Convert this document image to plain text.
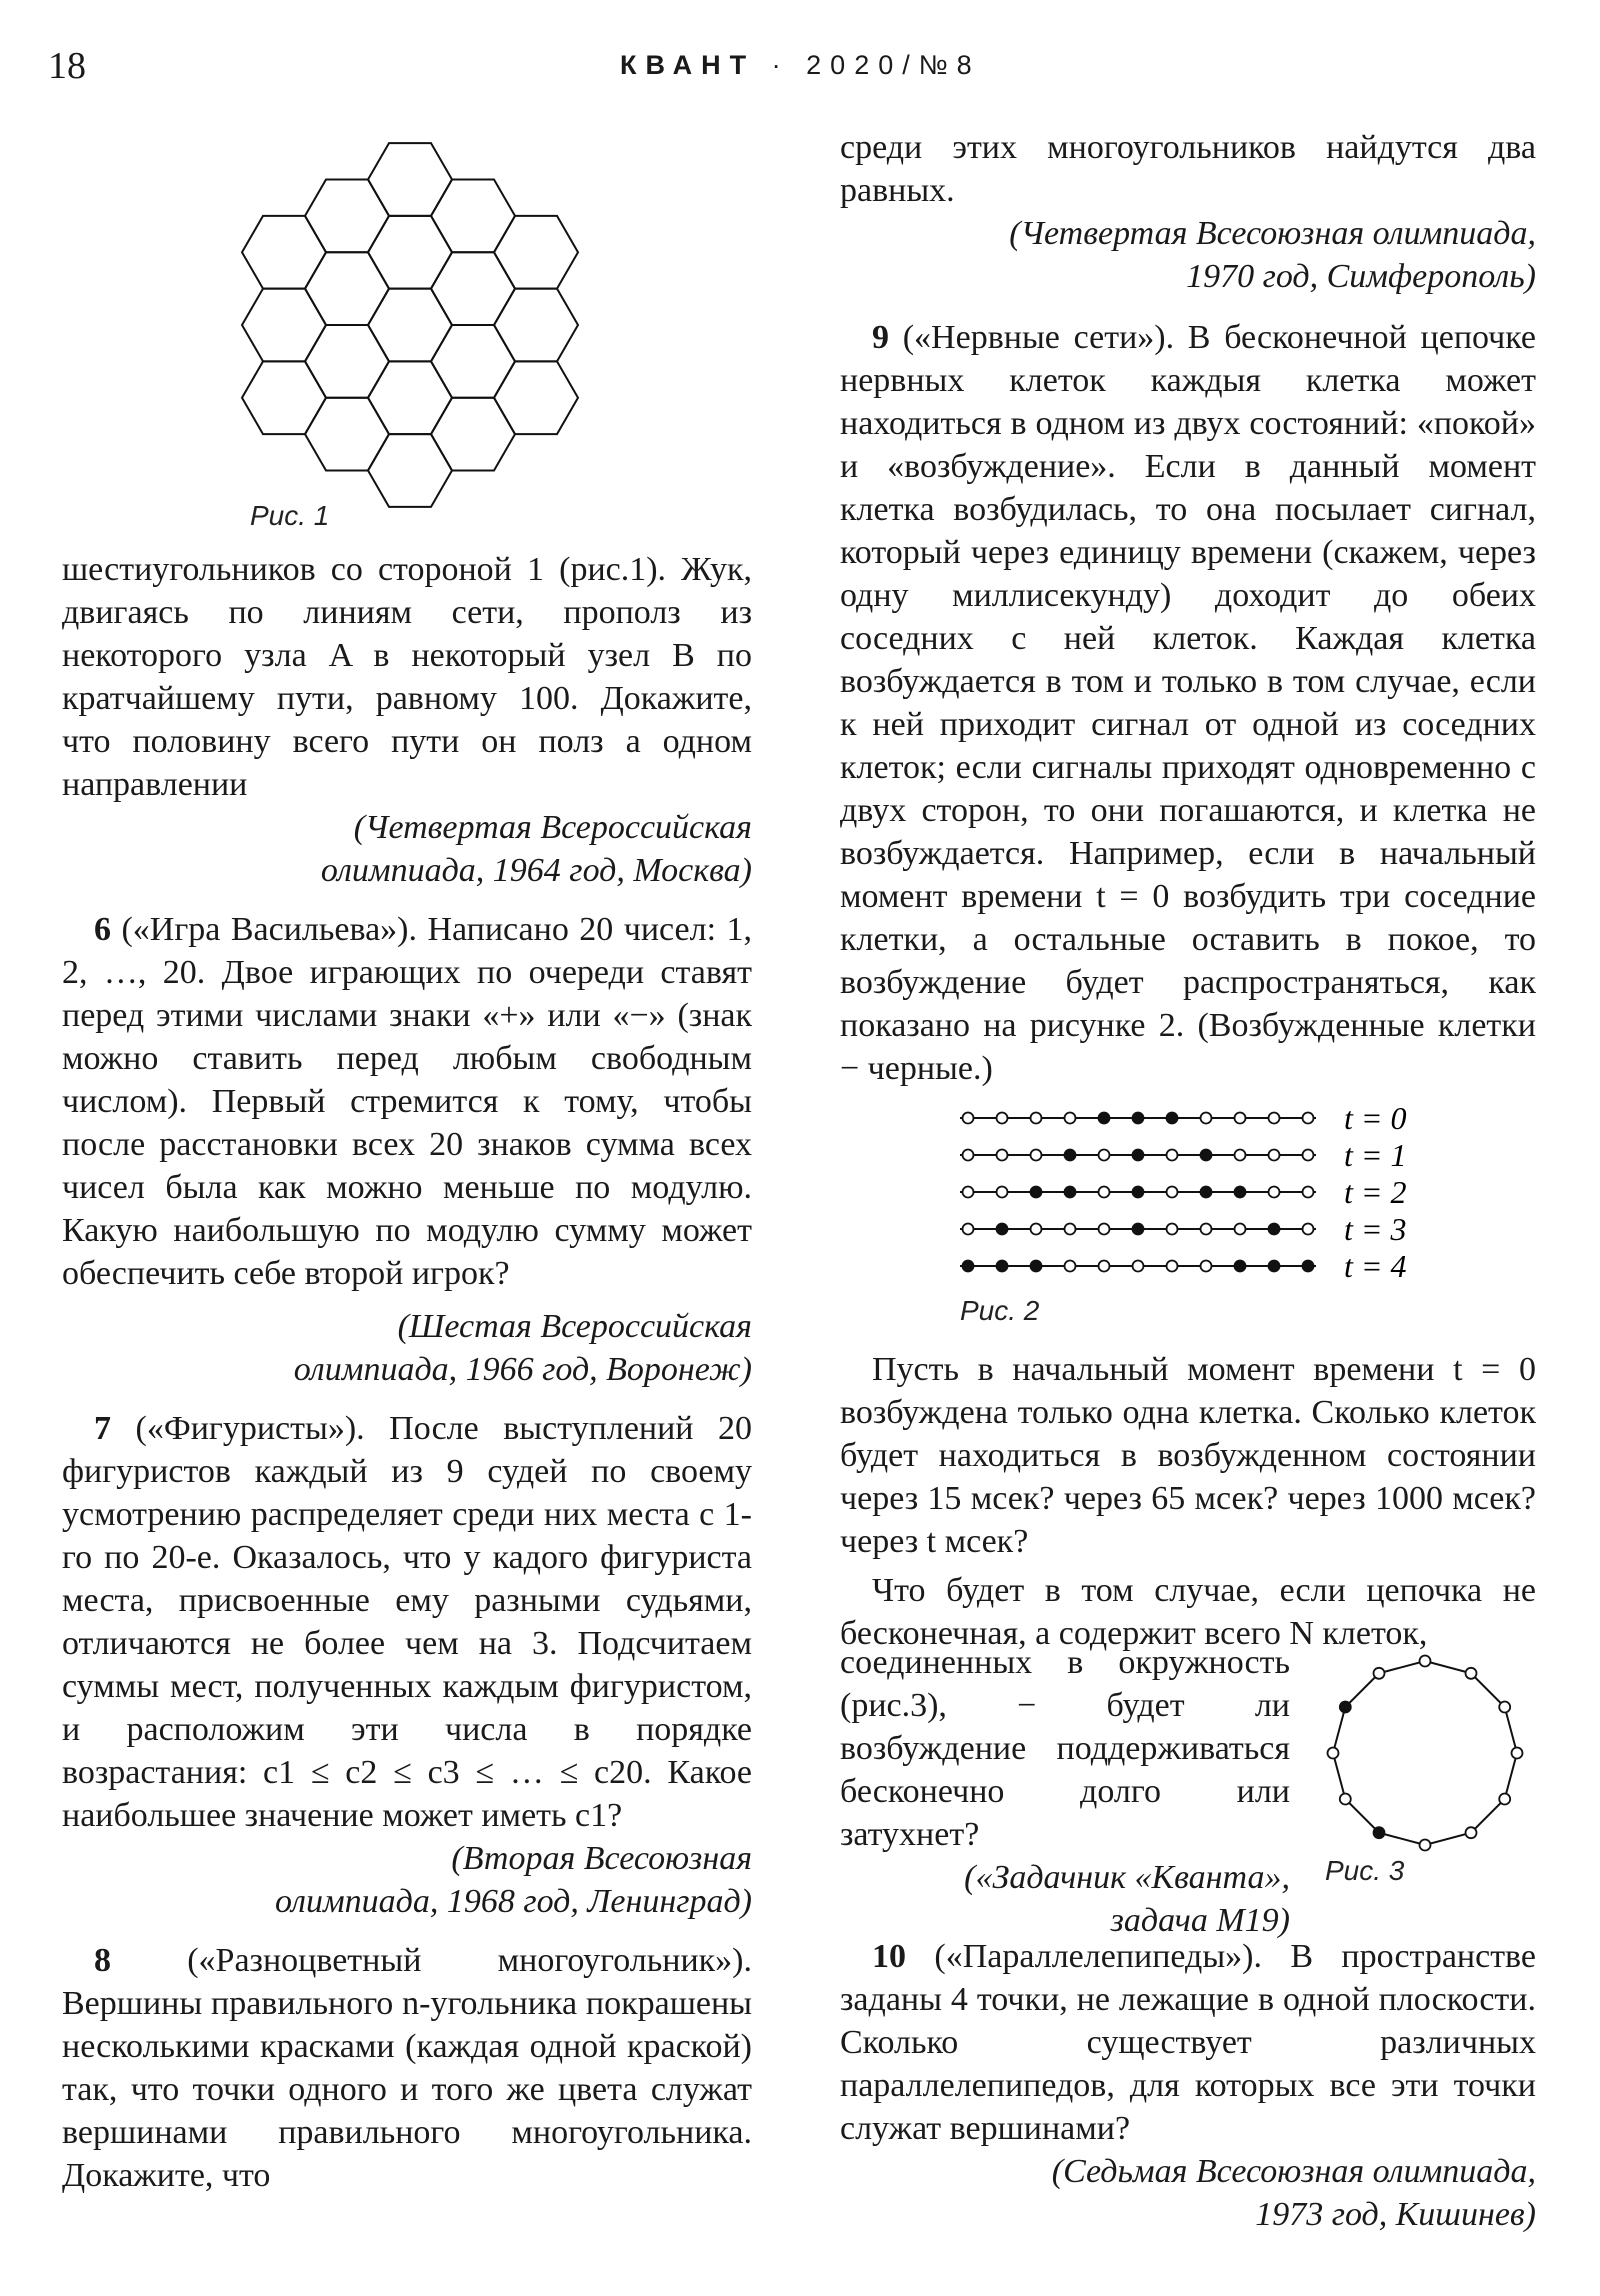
18	КВАНТ · 2020/№8
Рис. 1

шестиугольников со стороной 1 (рис.1). Жук, двигаясь по линиям сети, прополз из некоторого узла A в некоторый узел B по кратчайшему пути, равному 100. Докажите, что половину всего пути он полз а одном направлении

(Четвертая Всероссийская

олимпиада, 1964 год, Москва)

6 («Игра Васильева»). Написано 20 чисел: 1, 2, …, 20. Двое играющих по очереди ставят перед этими числами знаки «+» или «−» (знак можно ставить перед любым свободным числом). Первый стремится к тому, чтобы после расстановки всех 20 знаков сумма всех чисел была как можно меньше по модулю. Какую наибольшую по модулю сумму может обеспечить себе второй игрок?

(Шестая Всероссийская

олимпиада, 1966 год, Воронеж)

7 («Фигуристы»). После выступлений 20 фигуристов каждый из 9 судей по своему усмотрению распределяет среди них места с 1-го по 20-е. Оказалось, что у кадого фигуриста места, присвоенные ему разными судьями, отличаются не более чем на 3. Подсчитаем суммы мест, полученных каждым фигуристом, и расположим эти числа в порядке возрастания: c1 ≤ c2 ≤ c3 ≤ … ≤ c20. Какое наибольшее значение может иметь c1?

(Вторая Всесоюзная

олимпиада, 1968 год, Ленинград)

8 («Разноцветный многоугольник»). Вершины правильного n-угольника покрашены несколькими красками (каждая одной краской) так, что точки одного и того же цвета служат вершинами правильного многоугольника. Докажите, что

среди этих многоугольников найдутся два равных.

(Четвертая Всесоюзная олимпиада,

1970 год, Симферополь)

9 («Нервные сети»). В бесконечной цепочке нервных клеток каждыя клетка может находиться в одном из двух состояний: «покой» и «возбуждение». Если в данный момент клетка возбудилась, то она посылает сигнал, который через единицу времени (скажем, через одну миллисекунду) доходит до обеих соседних с ней клеток. Каждая клетка возбуждается в том и только в том случае, если к ней приходит сигнал от одной из соседних клеток; если сигналы приходят одновременно с двух сторон, то они погашаются, и клетка не возбуждается. Например, если в начальный момент времени t = 0 возбудить три соседние клетки, а остальные оставить в покое, то возбуждение будет распространяться, как показано на рисунке 2. (Возбужденные клетки − черные.)

t = 0
t = 1
t = 2
t = 3
t = 4
Рис. 2

Пусть в начальный момент времени t = 0 возбуждена только одна клетка. Сколько клеток будет находиться в возбужденном состоянии через 15 мсек? через 65 мсек? через 1000 мсек? через t мсек?

Что будет в том случае, если цепочка не бесконечная, а содержит всего N клеток,

соединенных в окружность (рис.3), − будет ли возбуждение поддерживаться бесконечно долго или затухнет?

(«Задачник «Кванта»,

задача М19)

Рис. 3

10 («Параллелепипеды»). В пространстве заданы 4 точки, не лежащие в одной плоскости. Сколько существует различных параллелепипедов, для которых все эти точки служат вершинами?

(Седьмая Всесоюзная олимпиада,

1973 год, Кишинев)
